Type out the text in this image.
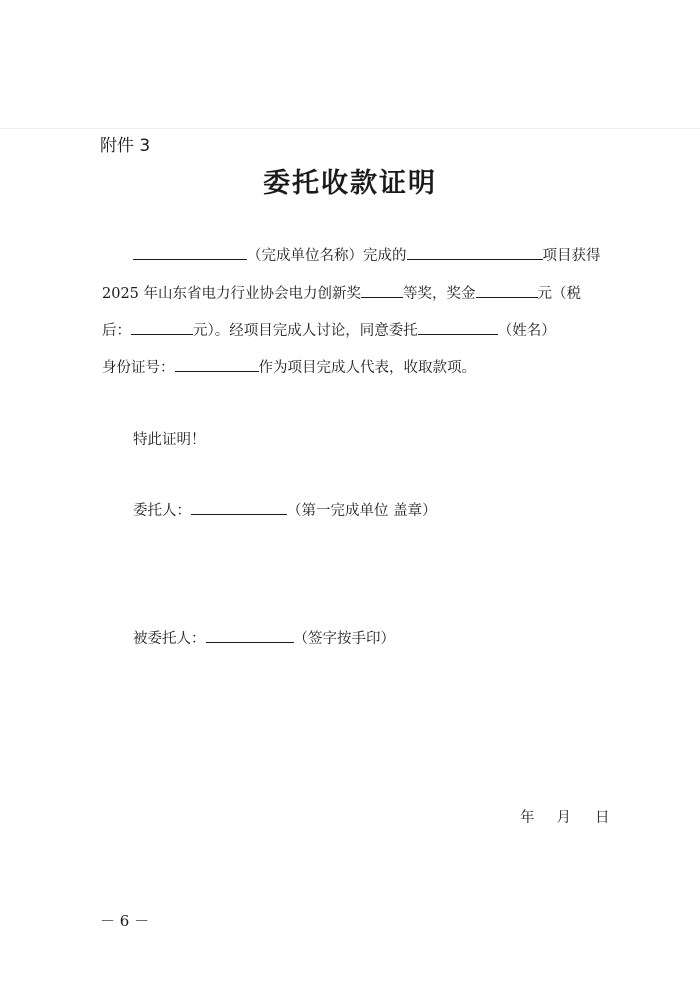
附件 3
委托收款证明
（完成单位名称）完成的	项目获得
2025 年山东省电力行业协会电力创新奖	等奖，奖金	元（税
后：	元）。经项目完成人讨论，同意委托	（姓名）
身份证号：	作为项目完成人代表，收取款项。
特此证明！
委托人：	（第一完成单位 盖章）
被委托人：	（签字按手印）
年 月 日
－ 6 －
